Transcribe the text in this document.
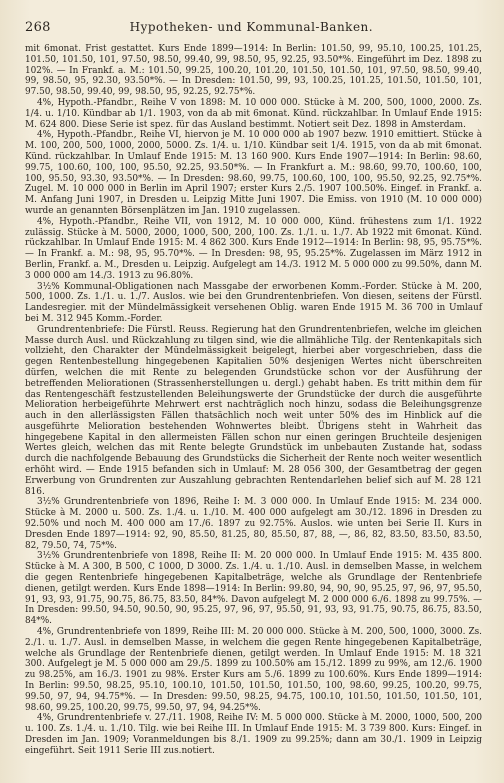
268	Hypotheken- und Kommunal-Banken.

mit 6monat. Frist gestattet. Kurs Ende 1899—1914: In Berlin: 101.50, 99, 95.10, 100.25, 101.25, 101.50, 101.50, 101, 97.50, 98.50, 99.40, 99, 98.50, 95, 92.25, 93.50*%. Eingeführt im Dez. 1898 zu 102%. — In Frankf. a. M.: 101.50, 99.25, 100.20, 101.20, 101.50, 101.50, 101, 97.50, 98.50, 99.40, 99, 98.50, 95, 92.30, 93.50*%. — In Dresden: 101.50, 99, 93, 100.25, 101.25, 101.50, 101.50, 101, 97.50, 98.50, 99.40, 99, 98.50, 95, 92.25, 92.75*%.

4%, Hypoth.-Pfandbr., Reihe V von 1898: M. 10 000 000. Stücke à M. 200, 500, 1000, 2000. Zs. 1/4. u. 1/10. Kündbar ab 1/1. 1903, von da ab mit 6monat. Künd. rückzahlbar. In Umlauf Ende 1915: M. 624 800. Diese Serie ist spez. für das Ausland bestimmt. Notiert seit Dez. 1898 in Amsterdam.

4%, Hypoth.-Pfandbr., Reihe VI, hiervon je M. 10 000 000 ab 1907 bezw. 1910 emittiert. Stücke à M. 100, 200, 500, 1000, 2000, 5000. Zs. 1/4. u. 1/10. Kündbar seit 1/4. 1915, von da ab mit 6monat. Künd. rückzahlbar. In Umlauf Ende 1915: M. 13 160 900. Kurs Ende 1907—1914: In Berlin: 98.60, 99.75, 100.60, 100, 100, 95.50, 92.25, 93.50*%. — In Frankfurt a. M.: 98.60, 99.70, 100.60, 100, 100, 95.50, 93.30, 93.50*%. — In Dresden: 98.60, 99.75, 100.60, 100, 100, 95.50, 92.25, 92.75*%. Zugel. M. 10 000 000 in Berlin im April 1907; erster Kurs 2./5. 1907 100.50%. Eingef. in Frankf. a. M. Anfang Juni 1907, in Dresden u. Leipzig Mitte Juni 1907. Die Emiss. von 1910 (M. 10 000 000) wurde an genannten Börsenplätzen im Jan. 1910 zugelassen.

4%, Hypoth.-Pfandbr., Reihe VII, von 1912, M. 10 000 000, Künd. frühestens zum 1/1. 1922 zulässig. Stücke à M. 5000, 2000, 1000, 500, 200, 100. Zs. 1./1. u. 1./7. Ab 1922 mit 6monat. Künd. rückzahlbar. In Umlauf Ende 1915: M. 4 862 300. Kurs Ende 1912—1914: In Berlin: 98, 95, 95.75*%. — In Frankf. a. M.: 98, 95, 95.70*%. — In Dresden: 98, 95, 95.25*%. Zugelassen im März 1912 in Berlin, Frankf. a. M., Dresden u. Leipzig. Aufgelegt am 14./3. 1912 M. 5 000 000 zu 99.50%, dann M. 3 000 000 am 14./3. 1913 zu 96.80%.

3½% Kommunal-Obligationen nach Massgabe der erworbenen Komm.-Forder. Stücke à M. 200, 500, 1000. Zs. 1./1. u. 1./7. Auslos. wie bei den Grundrentenbriefen. Von diesen, seitens der Fürstl. Landesregier. mit der Mündelmässigkeit versehenen Oblig. waren Ende 1915 M. 36 700 in Umlauf bei M. 312 945 Komm.-Forder.

Grundrentenbriefe: Die Fürstl. Reuss. Regierung hat den Grundrentenbriefen, welche im gleichen Masse durch Ausl. und Rückzahlung zu tilgen sind, wie die allmähliche Tilg. der Rentenkapitals sich vollzieht, den Charakter der Mündelmässigkeit beigelegt, hierbei aber vorgeschrieben, dass die gegen Rentenbestellung hingegebenen Kapitalien 50% desjenigen Wertes nicht überschreiten dürfen, welchen die mit Rente zu belegenden Grundstücke schon vor der Ausführung der betreffenden Meliorationen (Strassenherstellungen u. dergl.) gehabt haben. Es tritt mithin dem für das Rentengeschäft festzustellenden Beleihungswerte der Grundstücke der durch die ausgeführte Melioration herbeigeführte Mehrwert erst nachträglich noch hinzu, sodass die Beleihungsgrenze auch in den allerlässigsten Fällen thatsächlich noch weit unter 50% des im Hinblick auf die ausgeführte Melioration bestehenden Wohnwertes bleibt. Übrigens steht in Wahrheit das hingegebene Kapital in den allermeisten Fällen schon nur einen geringen Bruchteile desjenigen Wertes gleich, welchen das mit Rente belegte Grundstück im unbebauten Zustande hat, sodass durch die nachfolgende Bebauung des Grundstücks die Sicherheit der Rente noch weiter wesentlich erhöht wird. — Ende 1915 befanden sich in Umlauf: M. 28 056 300, der Gesamtbetrag der gegen Erwerbung von Grundrenten zur Auszahlung gebrachten Rentendarlehen belief sich auf M. 28 121 816.

3½% Grundrentenbriefe von 1896, Reihe I: M. 3 000 000. In Umlauf Ende 1915: M. 234 000. Stücke à M. 2000 u. 500. Zs. 1./4. u. 1./10. M. 400 000 aufgelegt am 30./12. 1896 in Dresden zu 92.50% und noch M. 400 000 am 17./6. 1897 zu 92.75%. Auslos. wie unten bei Serie II. Kurs in Dresden Ende 1897—1914: 92, 90, 85.50, 81.25, 80, 85.50, 87, 88, —, 86, 82, 83.50, 83.50, 83.50, 82, 79.50, 74, 75*%.

3½% Grundrentenbriefe von 1898, Reihe II: M. 20 000 000. In Umlauf Ende 1915: M. 435 800. Stücke à M. A 300, B 500, C 1000, D 3000. Zs. 1./4. u. 1./10. Ausl. in demselben Masse, in welchem die gegen Rentenbriefe hingegebenen Kapitalbeträge, welche als Grundlage der Rentenbriefe dienen, getilgt werden. Kurs Ende 1898—1914: In Berlin: 99.80, 94, 90, 90, 95.25, 97, 96, 97, 95.50, 91, 93, 93, 91.75, 90.75, 86.75, 83.50, 84*%. Davon aufgelegt M. 2 000 000 6./6. 1898 zu 99.75%. — In Dresden: 99.50, 94.50, 90.50, 90, 95.25, 97, 96, 97, 95.50, 91, 93, 93, 91.75, 90.75, 86.75, 83.50, 84*%.

4%, Grundrentenbriefe von 1899, Reihe III: M. 20 000 000. Stücke à M. 200, 500, 1000, 3000. Zs. 2./1. u. 1./7. Ausl. in demselben Masse, in welchem die gegen Rente hingegebenen Kapitalbeträge, welche als Grundlage der Rentenbriefe dienen, getilgt werden. In Umlauf Ende 1915: M. 18 321 300. Aufgelegt je M. 5 000 000 am 29./5. 1899 zu 100.50% am 15./12. 1899 zu 99%, am 12./6. 1900 zu 98.25%, am 16./3. 1901 zu 98%. Erster Kurs am 5./6. 1899 zu 100.60%. Kurs Ende 1899—1914: In Berlin: 99.50, 98.25, 95.10, 100.10, 101.50, 101.50, 101.50, 100, 98.60, 99.25, 100.20, 99.75, 99.50, 97, 94, 94.75*%. — In Dresden: 99.50, 98.25, 94.75, 100.10, 101.50, 101.50, 101.50, 101, 98.60, 99.25, 100.20, 99.75, 99.50, 97, 94, 94.25*%.

4%, Grundrentenbriefe v. 27./11. 1908, Reihe IV: M. 5 000 000. Stücke à M. 2000, 1000, 500, 200 u. 100. Zs. 1./4. u. 1./10. Tilg. wie bei Reihe III. In Umlauf Ende 1915: M. 3 739 800. Kurs: Eingef. in Dresden im Jan. 1909; Voranmeldungen bis 8./1. 1909 zu 99.25%; dann am 30./1. 1909 in Leipzig eingeführt. Seit 1911 Serie III zus.notiert.
